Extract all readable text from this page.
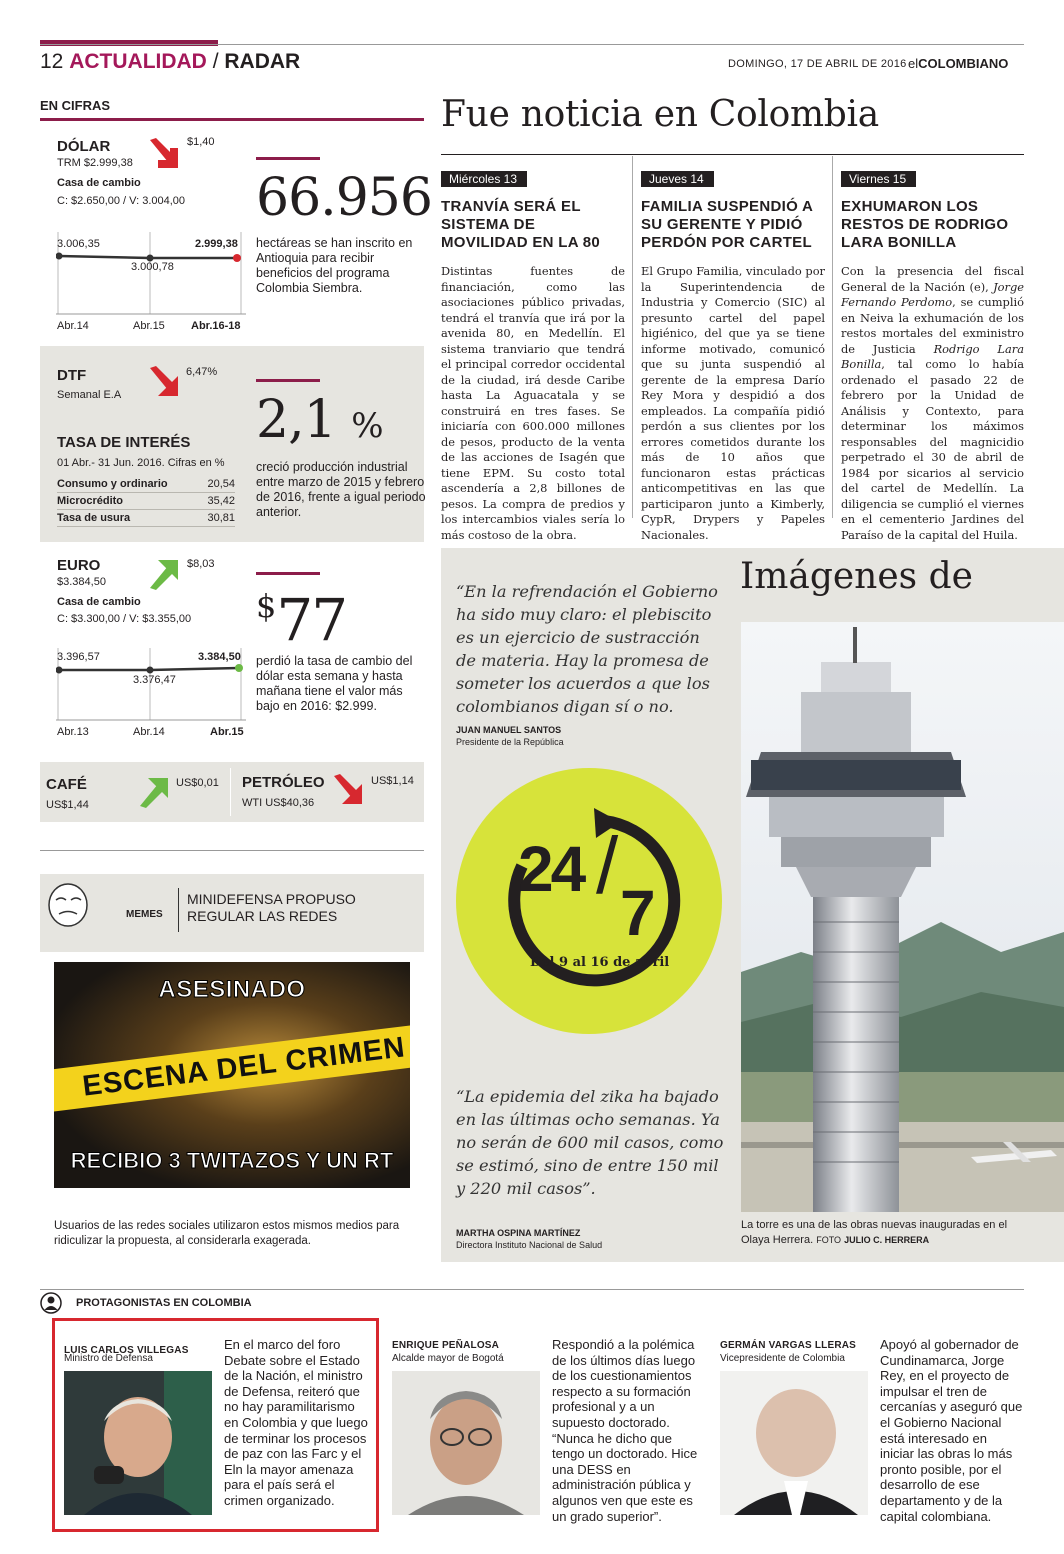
12 ACTUALIDAD / RADAR	DOMINGO, 17 DE ABRIL DE 2016 elCOLOMBIANO
EN CIFRAS
DÓLAR
TRM $2.999,38
$1,40
Casa de cambio
C: $2.650,00 / V: 3.004,00
3.006,35
3.000,78
2.999,38
Abr.14	Abr.15 Abr.16-18
66.956
hectáreas se han inscrito en Antioquia para recibir beneficios del programa Colombia Siembra.
DTF
Semanal E.A
6,47%
TASA DE INTERÉS
01 Abr.- 31 Jun. 2016. Cifras en %
Consumo y ordinario	20,54
Microcrédito	35,42
Tasa de usura	30,81
2,1 %
creció producción industrial entre marzo de 2015 y febrero de 2016, frente a igual periodo anterior.
EURO
$3.384,50
$8,03
Casa de cambio
C: $3.300,00 / V: $3.355,00
3.396,57
3.376,47
3.384,50
Abr.13	Abr.14	Abr.15
$77
perdió la tasa de cambio del dólar esta semana y hasta mañana tiene el valor más bajo en 2016: $2.999.
CAFÉ
US$1,44
US$0,01 PETRÓLEO
WTI US$40,36
US$1,14
MEMES
MINIDEFENSA PROPUSO REGULAR LAS REDES
ASESINADO
ESCENA DEL CRIMEN
RECIBIO 3 TWITAZOS Y UN RT
Usuarios de las redes sociales utilizaron estos mismos medios para ridiculizar la propuesta, al considerarla exagerada.
Fue noticia en Colombia
Miércoles 13
TRANVÍA SERÁ EL SISTEMA DE MOVILIDAD EN LA 80
Distintas fuentes de financiación, como las asociaciones público privadas, tendrá el tranvía que irá por la avenida 80, en Medellín. El sistema tranviario que tendrá el principal corredor occidental de la ciudad, irá desde Caribe hasta La Aguacatala y se construirá en tres fases. Se iniciaría con 600.000 millones de pesos, producto de la venta de las acciones de Isagén que tiene EPM. Su costo total ascendería a 2,8 billones de pesos. La compra de predios y los intercambios viales sería lo más costoso de la obra.
Jueves 14
FAMILIA SUSPENDIÓ A SU GERENTE Y PIDIÓ PERDÓN POR CARTEL
El Grupo Familia, vinculado por la Superintendencia de Industria y Comercio (SIC) al presunto cartel del papel higiénico, del que ya se tiene informe motivado, comunicó que su junta suspendió al gerente de la empresa Darío Rey Mora y despidió a dos empleados. La compañía pidió perdón a sus clientes por los errores cometidos durante los más de 10 años que funcionaron estas prácticas anticompetitivas en las que participaron junto a Kimberly, CypR, Drypers y Papeles Nacionales.
Viernes 15
EXHUMARON LOS RESTOS DE RODRIGO LARA BONILLA
Con la presencia del fiscal General de la Nación (e), Jorge Fernando Perdomo, se cumplió en Neiva la exhumación de los restos mortales del exministro de Justicia Rodrigo Lara Bonilla, tal como lo había ordenado el pasado 22 de febrero por la Unidad de Análisis y Contexto, para determinar los máximos responsables del magnicidio perpetrado el 30 de abril de 1984 por sicarios al servicio del cartel de Medellín. La diligencia se cumplió el viernes en el cementerio Jardines del Paraíso de la capital del Huila.
“En la refrendación el Gobierno ha sido muy claro: el plebiscito es un ejercicio de sustracción de materia. Hay la promesa de someter los acuerdos a que los colombianos digan sí o no.
JUAN MANUEL SANTOS
Presidente de la República
24 /
7
Del 9 al 16 de abril
“La epidemia del zika ha bajado en las últimas ocho semanas. Ya no serán de 600 mil casos, como se estimó, sino de entre 150 mil y 220 mil casos”.
MARTHA OSPINA MARTÍNEZ
Directora Instituto Nacional de Salud
Imágenes de
La torre es una de las obras nuevas inauguradas en el Olaya Herrera. FOTO JULIO C. HERRERA
PROTAGONISTAS EN COLOMBIA
LUIS CARLOS VILLEGAS
Ministro de Defensa
En el marco del foro Debate sobre el Estado de la Nación, el ministro de Defensa, reiteró que no hay paramilitarismo en Colombia y que luego de terminar los procesos de paz con las Farc y el Eln la mayor amenaza para el país será el crimen organizado.
ENRIQUE PEÑALOSA
Alcalde mayor de Bogotá
Respondió a la polémica de los últimos días luego de los cuestionamientos respecto a su formación profesional y a un supuesto doctorado. “Nunca he dicho que tengo un doctorado. Hice una DESS en administración pública y algunos ven que este es un grado superior”.
GERMÁN VARGAS LLERAS
Vicepresidente de Colombia
Apoyó al gobernador de Cundinamarca, Jorge Rey, en el proyecto de impulsar el tren de cercanías y aseguró que el Gobierno Nacional está interesado en iniciar las obras lo más pronto posible, por el desarrollo de ese departamento y de la capital colombiana.
